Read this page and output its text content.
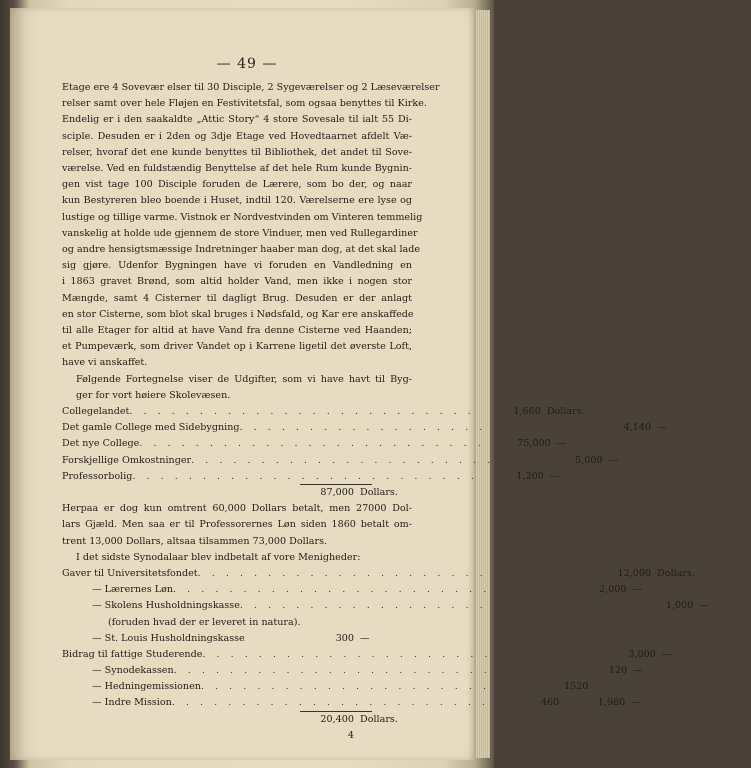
— 49 —

Etage ere 4 Sovevær elser til 30 Disciple, 2 Sygeværelser og 2 Læseværelser

relser samt over hele Fløjen en Festivitetsfal, som ogsaa benyttes til Kirke.

Endelig er i den saakaldte „Attic Story“ 4 store Sovesale til ialt 55 Di-

sciple. Desuden er i 2den og 3dje Etage ved Hovedtaarnet afdelt Væ-

relser, hvoraf det ene kunde benyttes til Bibliothek, det andet til Sove-

værelse. Ved en fuldstændig Benyttelse af det hele Rum kunde Bygnin-

gen vist tage 100 Disciple foruden de Lærere, som bo der, og naar

kun Bestyreren bleo boende i Huset, indtil 120. Værelserne ere lyse og

lustige og tillige varme. Vistnok er Nordvestvinden om Vinteren temmelig

vanskelig at holde ude gjennem de store Vinduer, men ved Rullegardiner

og andre hensigtsmæssige Indretninger haaber man dog, at det skal lade

sig gjøre. Udenfor Bygningen have vi foruden en Vandledning en

i 1863 gravet Brønd, som altid holder Vand, men ikke i nogen stor

Mængde, samt 4 Cisterner til dagligt Brug. Desuden er der anlagt

en stor Cisterne, som blot skal bruges i Nødsfald, og Kar ere anskaffede

til alle Etager for altid at have Vand fra denne Cisterne ved Haanden;

et Pumpeværk, som driver Vandet op i Karrene ligetil det øverste Loft,

have vi anskaffet.

Følgende Fortegnelse viser de Udgifter, som vi have havt til Byg-

ger for vort høiere Skolevæsen.

Collegelandet . . . . . . . . . . . . . . . . . . . . . . . . .	1,660 Dollars.
Det gamle College med Sidebygning . . . . . . . . . . . . . . . . . . . . . . . . .	4,140 —
Det nye College . . . . . . . . . . . . . . . . . . . . . . . . .	75,000 —
Forskjellige Omkostninger . . . . . . . . . . . . . . . . . . . . . . . . .	5,000 —
Professorbolig . . . . . . . . . . . . . . . . . . . . . . . . .	1,200 —
87,000 Dollars.

Herpaa er dog kun omtrent 60,000 Dollars betalt, men 27000 Dol-

lars Gjæld. Men saa er til Professorernes Løn siden 1860 betalt om-

trent 13,000 Dollars, altsaa tilsammen 73,000 Dollars.

I det sidste Synodalaar blev indbetalt af vore Menigheder:
Gaver til Universitetsfondet . . . . . . . . . . . . . . . . . . . . . . . . .	12,000 Dollars.
— Lærernes Løn . . . . . . . . . . . . . . . . . . . . . . . . .	2,000 —
— Skolens Husholdningskasse . . . . . . . . . . . . . . . . . . . . . . . . .	1,000 —
(foruden hvad der er leveret in natura).
— St. Louis Husholdningskasse	300 —
Bidrag til fattige Studerende . . . . . . . . . . . . . . . . . . . . . . . . .	3,000 —
— Synodekassen . . . . . . . . . . . . . . . . . . . . . . . . .	120 —
— Hedningemissionen . . . . . . . . . . . . . . . . . . . . . . . . .	1520
— Indre Mission . . . . . . . . . . . . . . . . . . . . . . . . .	460	1,980 —
20,400 Dollars.
4
